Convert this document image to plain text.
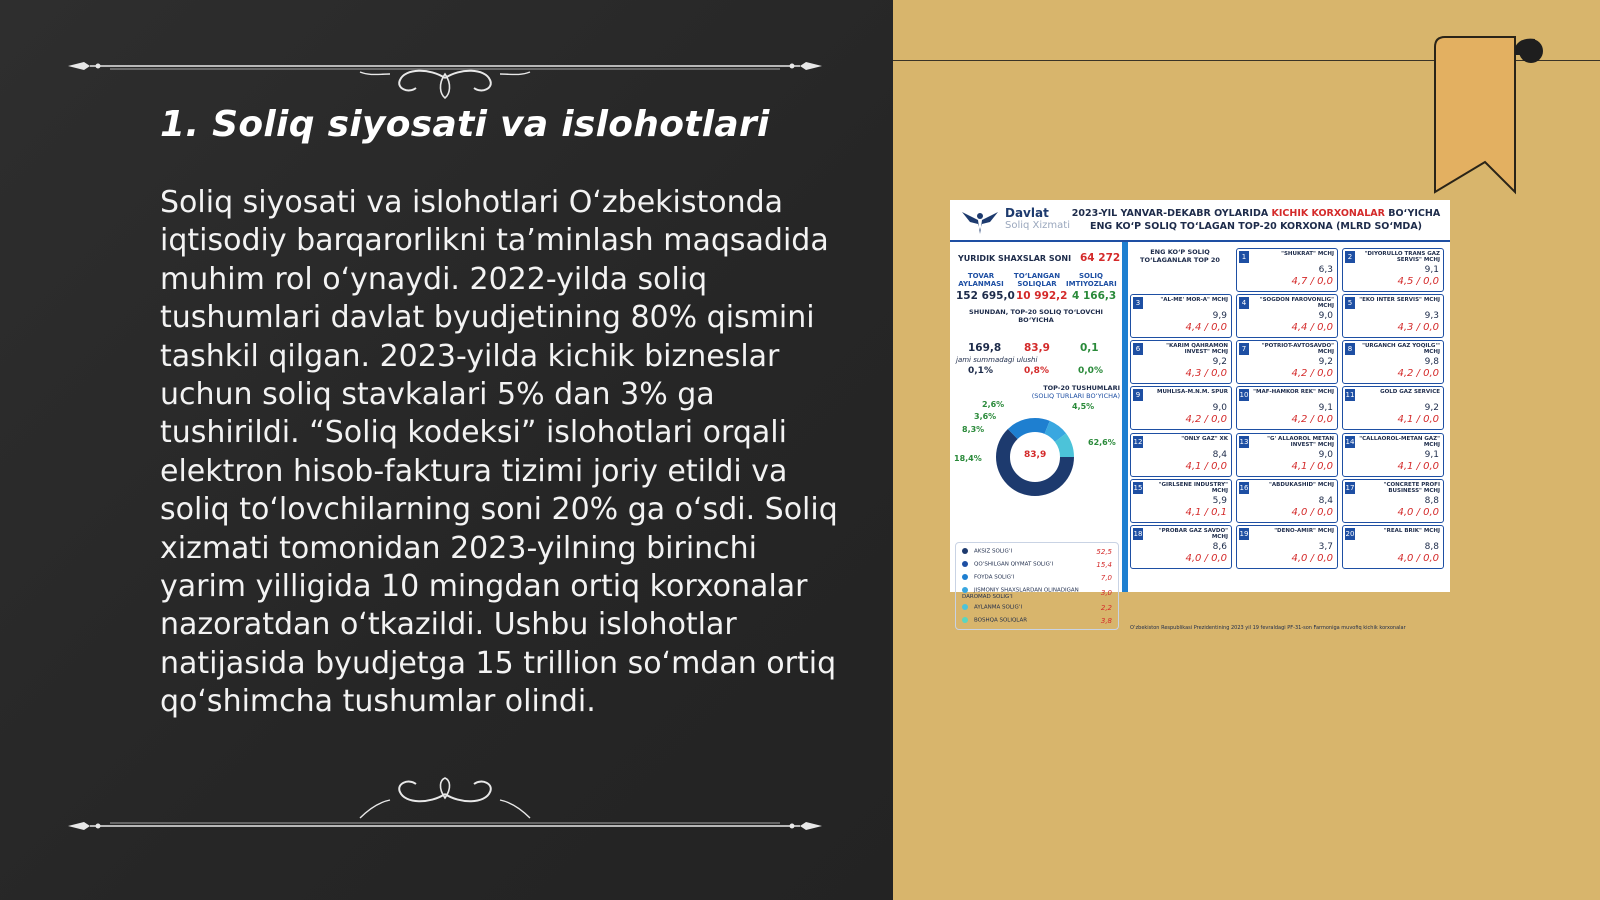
1. Soliq siyosati va islohotlari

Soliq siyosati va islohotlari O‘zbekistonda iqtisodiy barqarorlikni ta’minlash maqsadida muhim rol o‘ynaydi. 2022-yilda soliq tushumlari davlat byudjetining 80% qismini tashkil qilgan. 2023-yilda kichik bizneslar uchun soliq stavkalari 5% dan 3% ga tushirildi. “Soliq kodeksi” islohotlari orqali elektron hisob-faktura tizimi joriy etildi va soliq to‘lovchilarning soni 20% ga o‘sdi. Soliq xizmati tomonidan 2023-yilning birinchi yarim yilligida 10 mingdan ortiq korxonalar nazoratdan o‘tkazildi. Ushbu islohotlar natijasida byudjetga 15 trillion so‘mdan ortiq qo‘shimcha tushumlar olindi.

Davlat
Soliq Xizmati
2023-YIL YANVAR-DEKABR OYLARIDA KICHIK KORXONALAR BO‘YICHA ENG KO‘P SOLIQ TO‘LAGAN TOP-20 KORXONA (MLRD SO‘MDA)
YURIDIK SHAXSLAR SONI 64 272
TOVAR AYLANMASI
TO‘LANGAN SOLIQLAR
SOLIQ IMTIYOZLARI
152 695,0 10 992,2 4 166,3
SHUNDAN, TOP-20 SOLIQ TO‘LOVCHI BO‘YICHA
169,8 83,9	0,1
jami summadagi ulushi
0,1%	0,8%	0,0%
TOP-20 TUSHUMLARI
(SOLIQ TURLARI BO‘YICHA)
83,9
2,6%
3,6%
8,3%
18,4%
4,5%
62,6%
AKSIZ SOLIG‘I	52,5
QO‘SHILGAN QIYMAT SOLIG‘I	15,4
FOYDA SOLIG‘I	7,0
JISMONIY SHAXSLARDAN OLINADIGAN DAROMAD SOLIG‘I	3,0
AYLANMA SOLIG‘I	2,2
BOSHQA SOLIQLAR	3,8
ENG KO‘P SOLIQ TO‘LAGANLAR TOP 20
O‘zbekiston Respublikasi Prezidentining 2023 yil 19 fevraldagi PF-31-son Farmoniga muvofiq kichik korxonalar
1	"SHUKRAT" MCHJ
6,3
4,7 / 0,0
2	"DIYORULLO TRANS GAZ SERVIS" MCHJ
9,1
4,5 / 0,0
3	"AL-ME' MOR-A" MCHJ
9,9
4,4 / 0,0
4	"SOGDON FAROVONLIG" MCHJ
9,0
4,4 / 0,0
5	"EKO INTER SERVIS" MCHJ
9,3
4,3 / 0,0
6	"KARIM QAHRAMON INVEST" MCHJ
9,2
4,3 / 0,0
7	"POTRIOT-AVTOSAVDO" MCHJ
9,2
4,2 / 0,0
8	"URGANCH GAZ YOQILG'" MCHJ
9,8
4,2 / 0,0
9	MUHLISA-M.N.M. SPUR
9,0
4,2 / 0,0
10 "MAF-HAMKOR REK" MCHJ
9,1
4,2 / 0,0
11	GOLD GAZ SERVICE
9,2
4,1 / 0,0
12	"ONLY GAZ" XK
8,4
4,1 / 0,0
13	"G' ALLAOROL METAN INVEST" MCHJ
9,0
4,1 / 0,0
14 "CALLAOROL-METAN GAZ" MCHJ
9,1
4,1 / 0,0
15	"GIRLSENE INDUSTRY" MCHJ
5,9
4,1 / 0,1
16	"ABDUKASHID" MCHJ
8,4
4,0 / 0,0
17	"CONCRETE PROFI BUSINESS" MCHJ
8,8
4,0 / 0,0
18	"PROBAR GAZ SAVDO" MCHJ
8,6
4,0 / 0,0
19	"DENO-AMIR" MCHJ
3,7
4,0 / 0,0
20	"REAL BRIK" MCHJ
8,8
4,0 / 0,0
